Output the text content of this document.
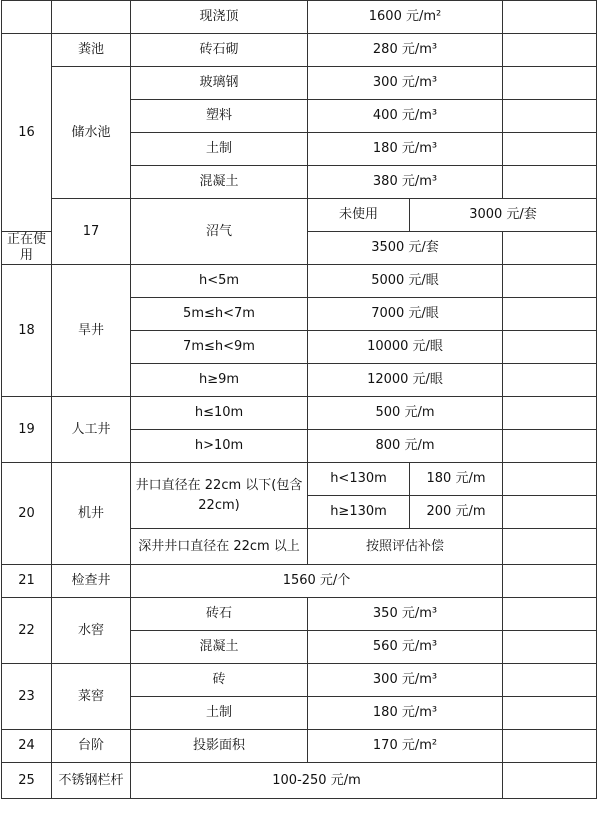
		现浇顶	1600 元/m²			
16	粪池	砖石砌	280 元/m³			
	储水池	玻璃钢	300 元/m³			
		塑料	400 元/m³			
		土制	180 元/m³			
		混凝土	380 元/m³			
	17	沼气	未使用	3000 元/套		
正在使用			3500 元/套			
18	旱井	h<5m	5000 元/眼			
		5m≤h<7m	7000 元/眼			
		7m≤h<9m	10000 元/眼			
		h≥9m	12000 元/眼			
19	人工井	h≤10m	500 元/m			
		h>10m	800 元/m			
20	机井	井口直径在 22cm 以下(包含 22cm)	h<130m	180 元/m		
			h≥130m	200 元/m		
		深井井口直径在 22cm 以上	按照评估补偿			
21	检查井	1560 元/个				
22	水窖	砖石	350 元/m³			
		混凝土	560 元/m³			
23	菜窖	砖	300 元/m³			
		土制	180 元/m³			
24	台阶	投影面积	170 元/m²			
25	不锈钢栏杆	100-250 元/m				
